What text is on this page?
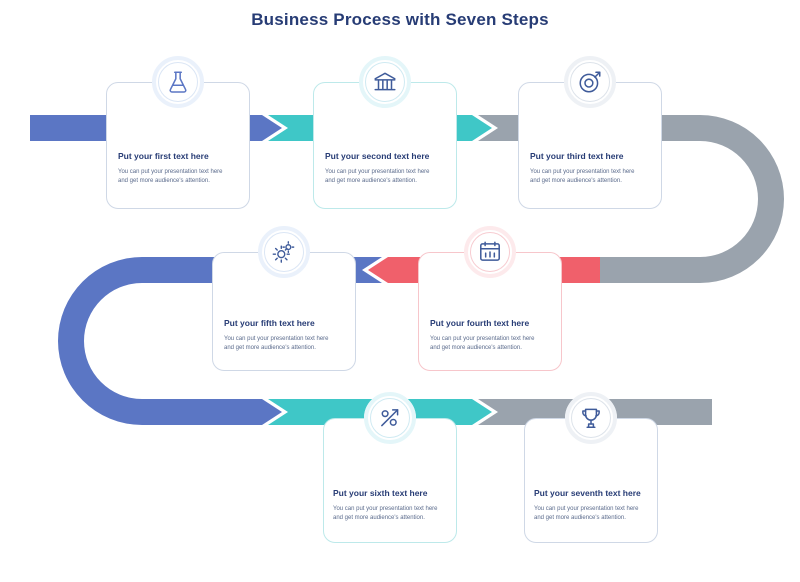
Business Process with Seven Steps
Step One
Put your first text here
You can put your presentation text here and get more audience's attention.
Step Two
Put your second text here
You can put your presentation text here and get more audience's attention.
Step Three
Put your third text here
You can put your presentation text here and get more audience's attention.
Step Four
Put your fourth text here
You can put your presentation text here and get more audience's attention.
Step Five
Put your fifth text here
You can put your presentation text here and get more audience's attention.
Step Six
Put your sixth text here
You can put your presentation text here and get more audience's attention.
Step Seven
Put your seventh text here
You can put your presentation text here and get more audience's attention.
